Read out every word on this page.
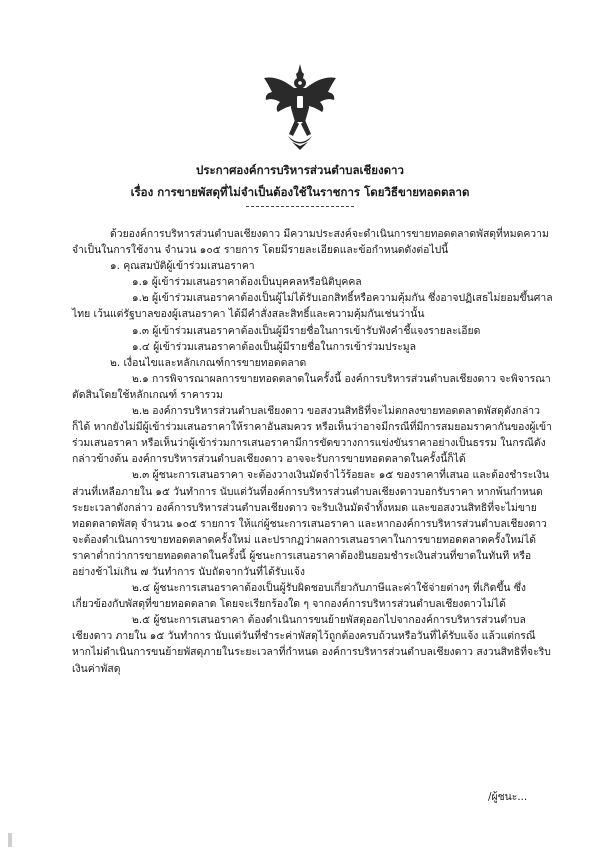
ประกาศองค์การบริหารส่วนตำบลเชียงดาว
เรื่อง การขายพัสดุที่ไม่จำเป็นต้องใช้ในราชการ โดยวิธีขายทอดตลาด

ด้วยองค์การบริหารส่วนตำบลเชียงดาว มีความประสงค์จะดำเนินการขายทอดตลาดพัสดุที่หมดความจำเป็นในการใช้งาน จำนวน ๑๐๕ รายการ โดยมีรายละเอียดและข้อกำหนดดังต่อไปนี้

๑. คุณสมบัติผู้เข้าร่วมเสนอราคา

๑.๑ ผู้เข้าร่วมเสนอราคาต้องเป็นบุคคลหรือนิติบุคคล

๑.๒ ผู้เข้าร่วมเสนอราคาต้องเป็นผู้ไม่ได้รับเอกสิทธิ์หรือความคุ้มกัน ซึ่งอาจปฏิเสธไม่ยอมขึ้นศาลไทย เว้นแต่รัฐบาลของผู้เสนอราคา ได้มีคำสั่งสละสิทธิ์และความคุ้มกันเช่นว่านั้น

๑.๓ ผู้เข้าร่วมเสนอราคาต้องเป็นผู้มีรายชื่อในการเข้ารับฟังคำชี้แจงรายละเอียด

๑.๔ ผู้เข้าร่วมเสนอราคาต้องเป็นผู้มีรายชื่อในการเข้าร่วมประมูล

๒. เงื่อนไขและหลักเกณฑ์การขายทอดตลาด

๒.๑ การพิจารณาผลการขายทอดตลาดในครั้งนี้ องค์การบริหารส่วนตำบลเชียงดาว จะพิจารณาตัดสินโดยใช้หลักเกณฑ์ ราคารวม

๒.๒ องค์การบริหารส่วนตำบลเชียงดาว ขอสงวนสิทธิที่จะไม่ตกลงขายทอดตลาดพัสดุดังกล่าวก็ได้ หากยังไม่มีผู้เข้าร่วมเสนอราคาให้ราคาอันสมควร หรือเห็นว่าอาจมีกรณีที่มีการสมยอมราคากันของผู้เข้าร่วมเสนอราคา หรือเห็นว่าผู้เข้าร่วมการเสนอราคามีการขัดขวางการแข่งขันราคาอย่างเป็นธรรม ในกรณีดังกล่าวข้างต้น องค์การบริหารส่วนตำบลเชียงดาว อาจจะรับการขายทอดตลาดในครั้งนี้ก็ได้

๒.๓ ผู้ชนะการเสนอราคา จะต้องวางเงินมัดจำไว้ร้อยละ ๑๕ ของราคาที่เสนอ และต้องชำระเงินส่วนที่เหลือภายใน ๑๕ วันทำการ นับแต่วันที่องค์การบริหารส่วนตำบลเชียงดาวบอกรับราคา หากพ้นกำหนดระยะเวลาดังกล่าว องค์การบริหารส่วนตำบลเชียงดาว จะริบเงินมัดจำทั้งหมด และขอสงวนสิทธิที่จะไม่ขายทอดตลาดพัสดุ จำนวน ๑๐๕ รายการ ให้แก่ผู้ชนะการเสนอราคา และหากองค์การบริหารส่วนตำบลเชียงดาว จะต้องดำเนินการขายทอดตลาดครั้งใหม่ และปรากฏว่าผลการเสนอราคาในการขายทอดตลาดครั้งใหม่ได้ราคาต่ำกว่าการขายทอดตลาดในครั้งนี้ ผู้ชนะการเสนอราคาต้องยินยอมชำระเงินส่วนที่ขาดในทันที หรืออย่างช้าไม่เกิน ๗ วันทำการ นับถัดจากวันที่ได้รับแจ้ง

๒.๔ ผู้ชนะการเสนอราคาต้องเป็นผู้รับผิดชอบเกี่ยวกับภาษีและค่าใช้จ่ายต่างๆ ที่เกิดขึ้น ซึ่งเกี่ยวข้องกับพัสดุที่ขายทอดตลาด โดยจะเรียกร้องใด ๆ จากองค์การบริหารส่วนตำบลเชียงดาวไม่ได้

๒.๕ ผู้ชนะการเสนอราคา ต้องดำเนินการขนย้ายพัสดุออกไปจากองค์การบริหารส่วนตำบลเชียงดาว ภายใน ๑๕ วันทำการ นับแต่วันที่ชำระค่าพัสดุไว้ถูกต้องครบถ้วนหรือวันที่ได้รับแจ้ง แล้วแต่กรณี หากไม่ดำเนินการขนย้ายพัสดุภายในระยะเวลาที่กำหนด องค์การบริหารส่วนตำบลเชียงดาว สงวนสิทธิที่จะริบเงินค่าพัสดุ

/ผู้ชนะ...
